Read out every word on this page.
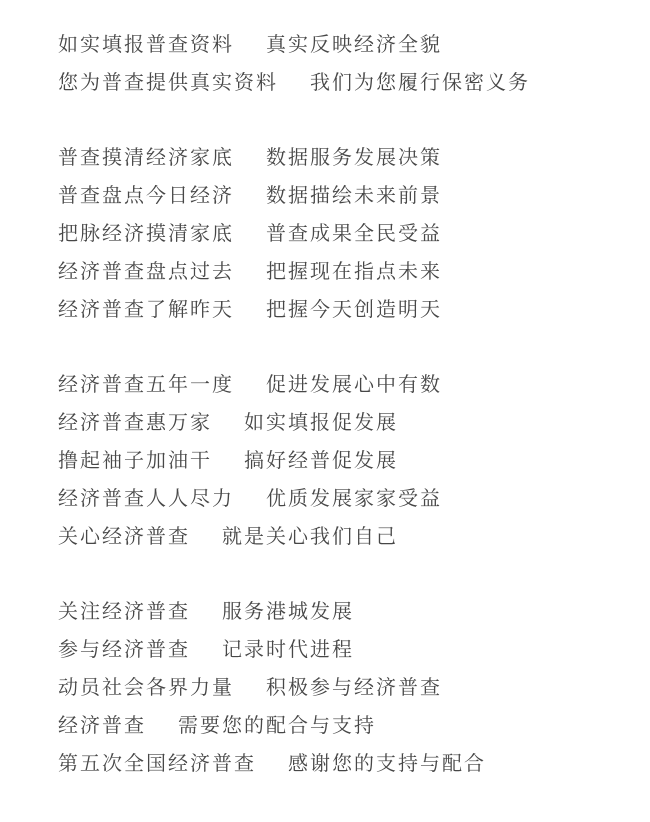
如实填报普查资料 真实反映经济全貌
您为普查提供真实资料 我们为您履行保密义务
普查摸清经济家底 数据服务发展决策
普查盘点今日经济 数据描绘未来前景
把脉经济摸清家底 普查成果全民受益
经济普查盘点过去 把握现在指点未来
经济普查了解昨天 把握今天创造明天
经济普查五年一度 促进发展心中有数
经济普查惠万家 如实填报促发展
撸起袖子加油干 搞好经普促发展
经济普查人人尽力 优质发展家家受益
关心经济普查 就是关心我们自己
关注经济普查 服务港城发展
参与经济普查 记录时代进程
动员社会各界力量 积极参与经济普查
经济普查 需要您的配合与支持
第五次全国经济普查 感谢您的支持与配合
